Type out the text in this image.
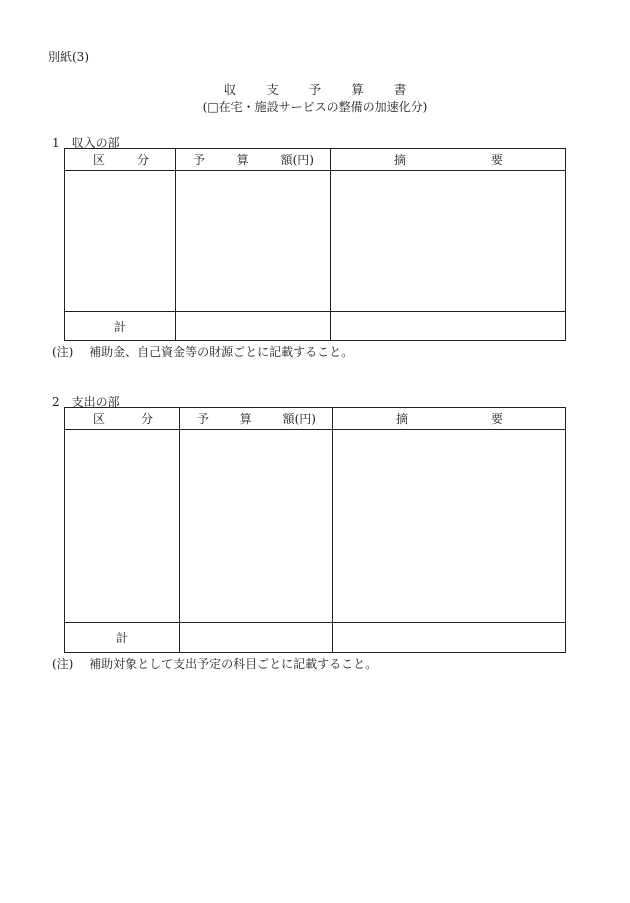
別紙(3)
収 支 予 算 書
(□在宅・施設サービスの整備の加速化分)
1　収入の部
区 分	予 算 額(円)	摘 要

計		
(注)　 補助金、自己資金等の財源ごとに記載すること。
2　支出の部
区 分	予 算 額(円)	摘 要

計		
(注)　 補助対象として支出予定の科目ごとに記載すること。
